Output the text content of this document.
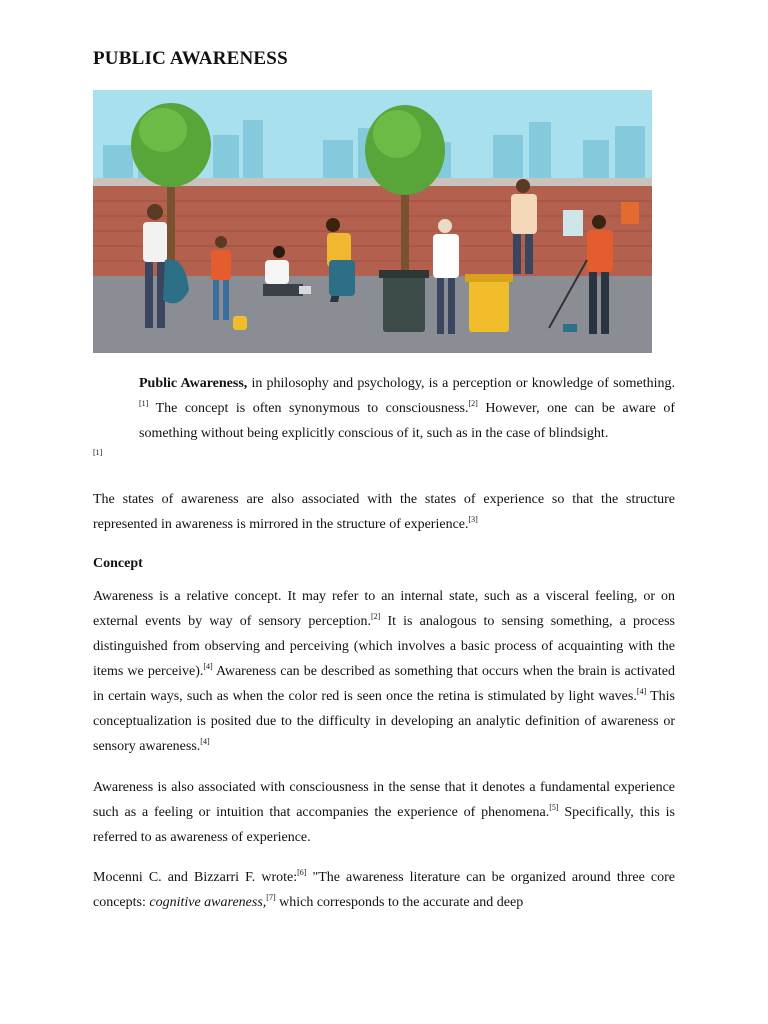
PUBLIC AWARENESS

Public Awareness, in philosophy and psychology, is a perception or knowledge of something.[1] The concept is often synonymous to consciousness.[2] However, one can be aware of something without being explicitly conscious of it, such as in the case of blindsight.

[1]

The states of awareness are also associated with the states of experience so that the structure represented in awareness is mirrored in the structure of experience.[3]

Concept

Awareness is a relative concept. It may refer to an internal state, such as a visceral feeling, or on external events by way of sensory perception.[2] It is analogous to sensing something, a process distinguished from observing and perceiving (which involves a basic process of acquainting with the items we perceive).[4] Awareness can be described as something that occurs when the brain is activated in certain ways, such as when the color red is seen once the retina is stimulated by light waves.[4] This conceptualization is posited due to the difficulty in developing an analytic definition of awareness or sensory awareness.[4]

Awareness is also associated with consciousness in the sense that it denotes a fundamental experience such as a feeling or intuition that accompanies the experience of phenomena.[5] Specifically, this is referred to as awareness of experience.

Mocenni C. and Bizzarri F. wrote:[6] "The awareness literature can be organized around three core concepts: cognitive awareness,[7] which corresponds to the accurate and deep
